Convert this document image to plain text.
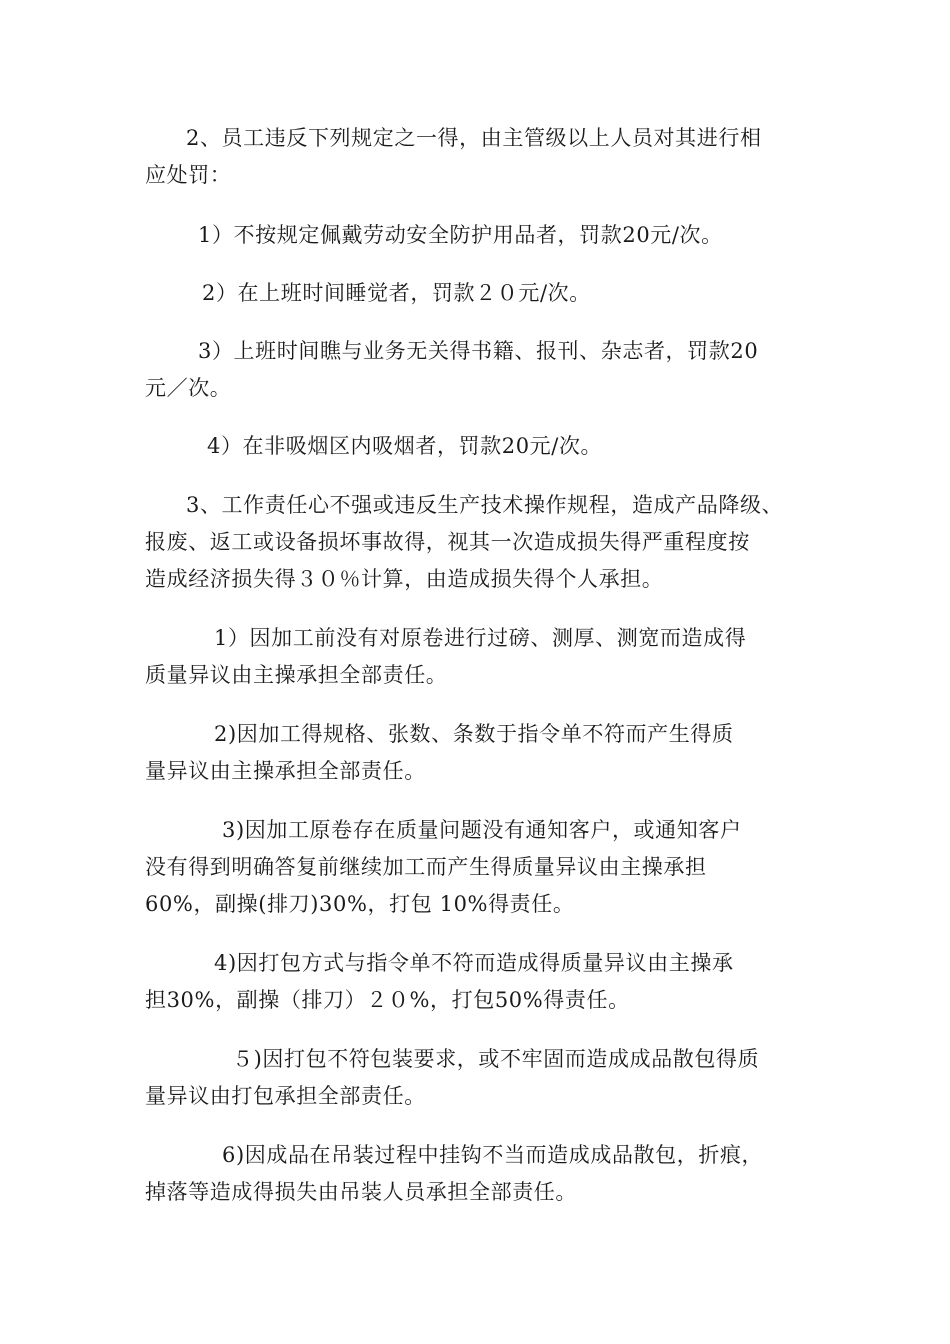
2、员工违反下列规定之一得，由主管级以上人员对其进行相
应处罚：
1）不按规定佩戴劳动安全防护用品者，罚款20元/次。
2）在上班时间睡觉者，罚款２０元/次。
3）上班时间瞧与业务无关得书籍、报刊、杂志者，罚款20
元／次。
4）在非吸烟区内吸烟者，罚款20元/次。
3、工作责任心不强或违反生产技术操作规程，造成产品降级、
报废、返工或设备损坏事故得，视其一次造成损失得严重程度按
造成经济损失得３０％计算，由造成损失得个人承担。
1）因加工前没有对原卷进行过磅、测厚、测宽而造成得
质量异议由主操承担全部责任。
2)因加工得规格、张数、条数于指令单不符而产生得质
量异议由主操承担全部责任。
3)因加工原卷存在质量问题没有通知客户，或通知客户
没有得到明确答复前继续加工而产生得质量异议由主操承担
60%，副操(排刀)30%，打包 10%得责任。
4)因打包方式与指令单不符而造成得质量异议由主操承
担30%，副操（排刀）２０%，打包50%得责任。
５)因打包不符包装要求，或不牢固而造成成品散包得质
量异议由打包承担全部责任。
6)因成品在吊装过程中挂钩不当而造成成品散包，折痕，
掉落等造成得损失由吊装人员承担全部责任。
